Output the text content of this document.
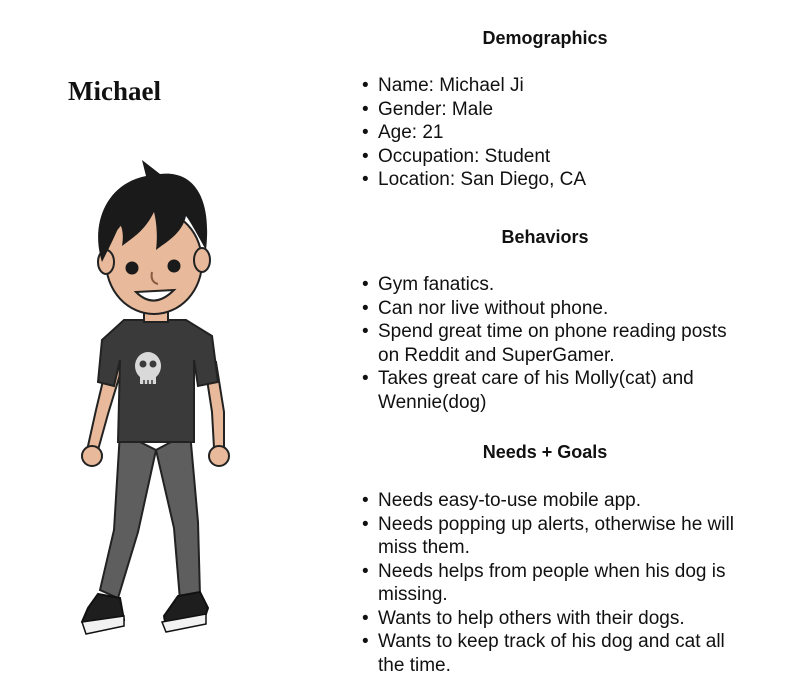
Michael
Demographics
• Name: Michael Ji
• Gender: Male
• Age: 21
• Occupation: Student
• Location: San Diego, CA
Behaviors
• Gym fanatics.
• Can nor live without phone.
• Spend great time on phone reading posts on Reddit and SuperGamer.
• Takes great care of his Molly(cat) and Wennie(dog)
Needs + Goals
• Needs easy-to-use mobile app.
• Needs popping up alerts, otherwise he will miss them.
• Needs helps from people when his dog is missing.
• Wants to help others with their dogs.
• Wants to keep track of his dog and cat all the time.
